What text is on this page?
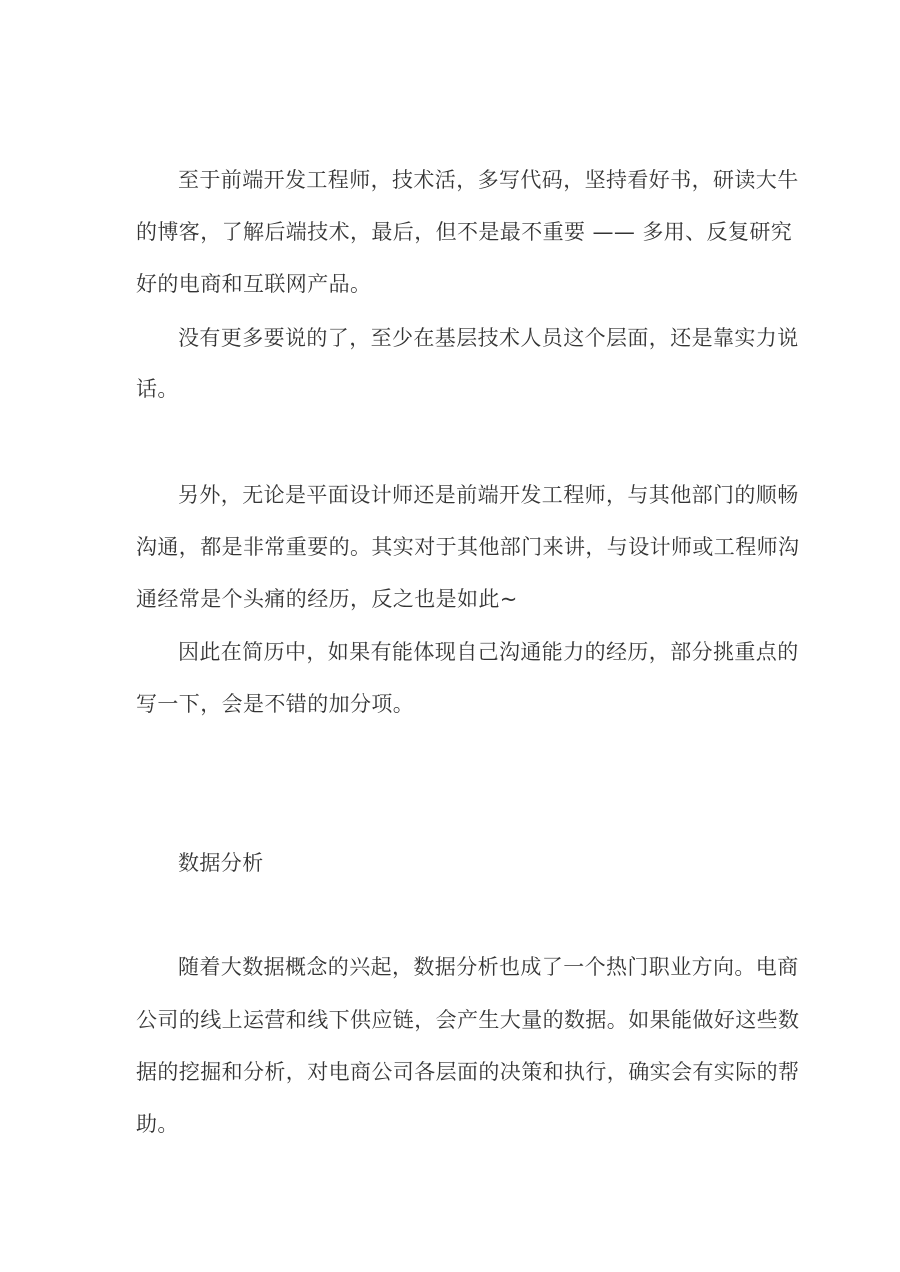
至于前端开发工程师，技术活，多写代码，坚持看好书，研读大牛
的博客，了解后端技术，最后，但不是最不重要 —— 多用、反复研究
好的电商和互联网产品。
没有更多要说的了，至少在基层技术人员这个层面，还是靠实力说
话。
另外，无论是平面设计师还是前端开发工程师，与其他部门的顺畅
沟通，都是非常重要的。其实对于其他部门来讲，与设计师或工程师沟
通经常是个头痛的经历，反之也是如此~
因此在简历中，如果有能体现自己沟通能力的经历，部分挑重点的
写一下，会是不错的加分项。
数据分析
随着大数据概念的兴起，数据分析也成了一个热门职业方向。电商
公司的线上运营和线下供应链，会产生大量的数据。如果能做好这些数
据的挖掘和分析，对电商公司各层面的决策和执行，确实会有实际的帮
助。
